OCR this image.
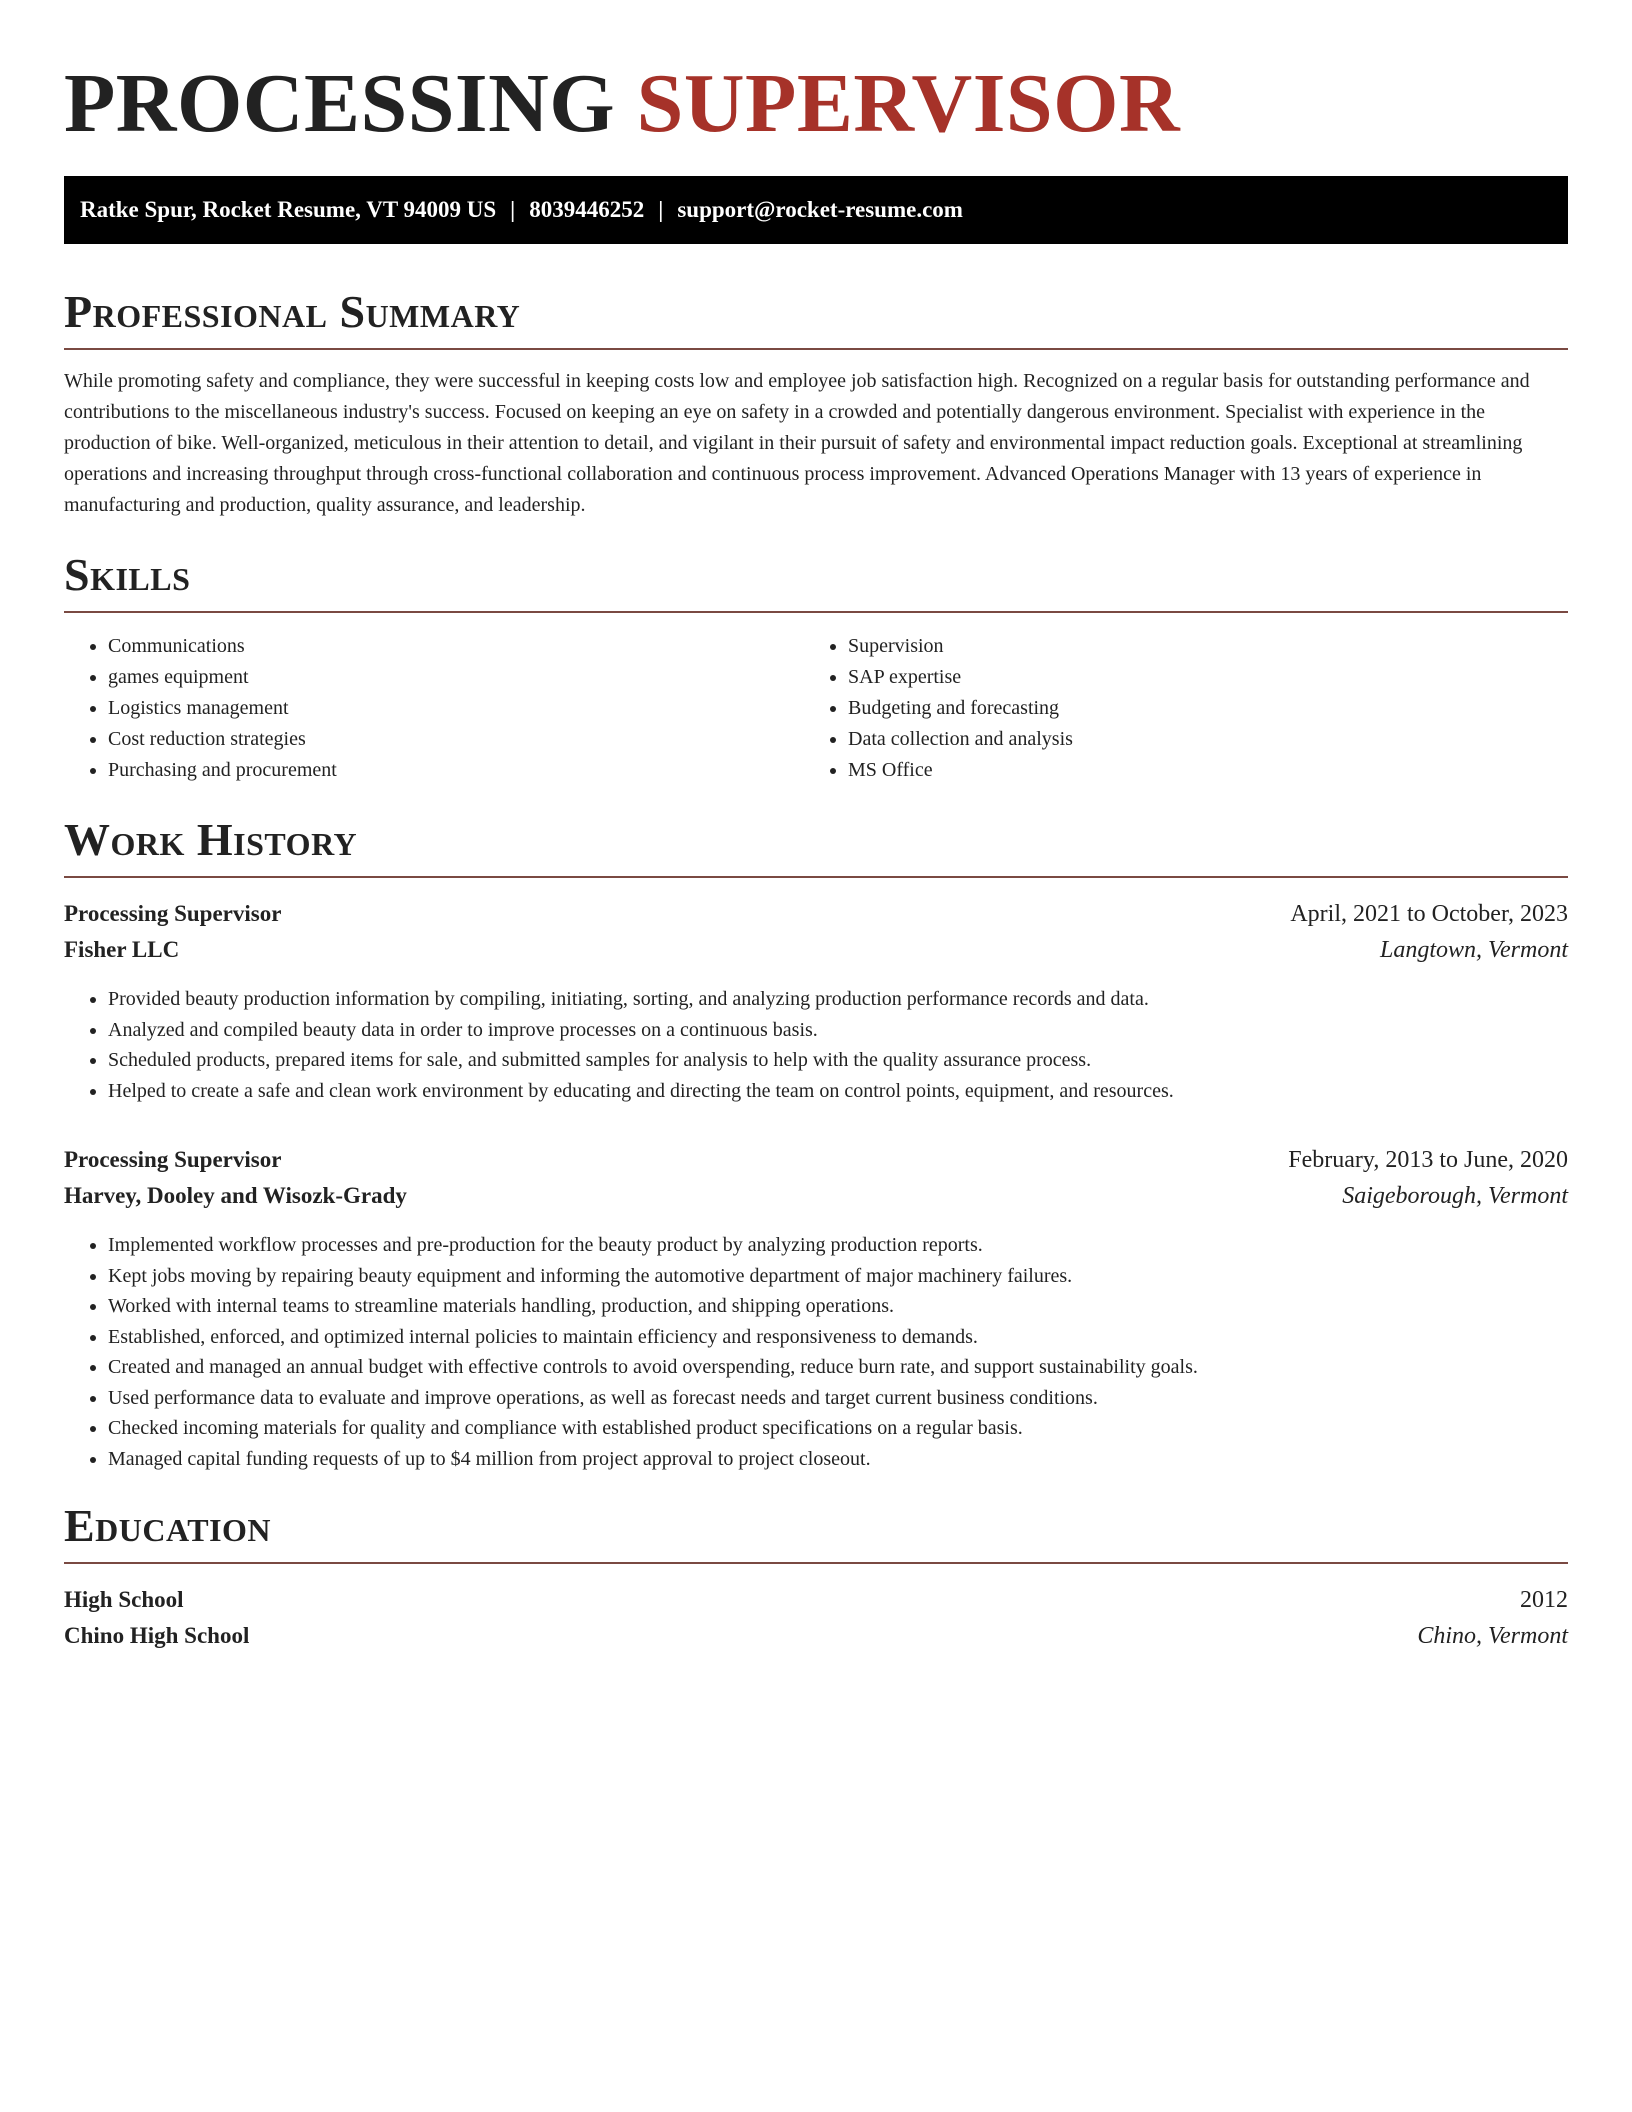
PROCESSING SUPERVISOR
Ratke Spur, Rocket Resume, VT 94009 US | 8039446252 | support@rocket-resume.com
Professional Summary
While promoting safety and compliance, they were successful in keeping costs low and employee job satisfaction high. Recognized on a regular basis for outstanding performance and contributions to the miscellaneous industry's success. Focused on keeping an eye on safety in a crowded and potentially dangerous environment. Specialist with experience in the production of bike. Well-organized, meticulous in their attention to detail, and vigilant in their pursuit of safety and environmental impact reduction goals. Exceptional at streamlining operations and increasing throughput through cross-functional collaboration and continuous process improvement. Advanced Operations Manager with 13 years of experience in manufacturing and production, quality assurance, and leadership.
Skills
• Communications
• games equipment
• Logistics management
• Cost reduction strategies
• Purchasing and procurement
• Supervision
• SAP expertise
• Budgeting and forecasting
• Data collection and analysis
• MS Office
Work History
Processing Supervisor	April, 2021 to October, 2023
Fisher LLC	Langtown, Vermont
• Provided beauty production information by compiling, initiating, sorting, and analyzing production performance records and data.
• Analyzed and compiled beauty data in order to improve processes on a continuous basis.
• Scheduled products, prepared items for sale, and submitted samples for analysis to help with the quality assurance process.
• Helped to create a safe and clean work environment by educating and directing the team on control points, equipment, and resources.
Processing Supervisor	February, 2013 to June, 2020
Harvey, Dooley and Wisozk-Grady	Saigeborough, Vermont
• Implemented workflow processes and pre-production for the beauty product by analyzing production reports.
• Kept jobs moving by repairing beauty equipment and informing the automotive department of major machinery failures.
• Worked with internal teams to streamline materials handling, production, and shipping operations.
• Established, enforced, and optimized internal policies to maintain efficiency and responsiveness to demands.
• Created and managed an annual budget with effective controls to avoid overspending, reduce burn rate, and support sustainability goals.
• Used performance data to evaluate and improve operations, as well as forecast needs and target current business conditions.
• Checked incoming materials for quality and compliance with established product specifications on a regular basis.
• Managed capital funding requests of up to $4 million from project approval to project closeout.
Education
High School	2012
Chino High School	Chino, Vermont
